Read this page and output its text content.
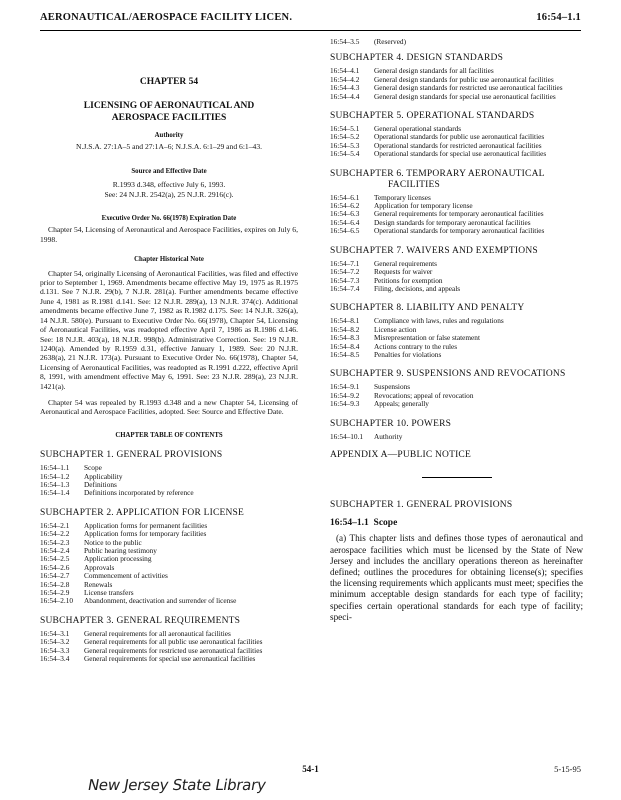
AERONAUTICAL/AEROSPACE FACILITY LICEN.	16:54–1.1
CHAPTER 54
LICENSING OF AERONAUTICAL AND
AEROSPACE FACILITIES
Authority
N.J.S.A. 27:1A–5 and 27:1A–6; N.J.S.A. 6:1–29 and 6:1–43.
Source and Effective Date
R.1993 d.348, effective July 6, 1993.
See: 24 N.J.R. 2542(a), 25 N.J.R. 2916(c).
Executive Order No. 66(1978) Expiration Date
Chapter 54, Licensing of Aeronautical and Aerospace Facilities, expires on July 6, 1998.
Chapter Historical Note
Chapter 54, originally Licensing of Aeronautical Facilities, was filed and effective prior to September 1, 1969. Amendments became effective May 19, 1975 as R.1975 d.131. See 7 N.J.R. 29(b), 7 N.J.R. 281(a). Further amendments became effective June 4, 1981 as R.1981 d.141. See: 12 N.J.R. 289(a), 13 N.J.R. 374(c). Additional amendments became effective June 7, 1982 as R.1982 d.175. See: 14 N.J.R. 326(a), 14 N.J.R. 580(e). Pursuant to Executive Order No. 66(1978), Chapter 54, Licensing of Aeronautical Facilities, was readopted effective April 7, 1986 as R.1986 d.146. See: 18 N.J.R. 403(a), 18 N.J.R. 998(b). Administrative Correction. See: 19 N.J.R. 1240(a). Amended by R.1959 d.31, effective January 1, 1989. See: 20 N.J.R. 2638(a), 21 N.J.R. 173(a). Pursuant to Executive Order No. 66(1978), Chapter 54, Licensing of Aeronautical Facilities, was readopted as R.1991 d.222, effective April 8, 1991, with amendment effective May 6, 1991. See: 23 N.J.R. 289(a), 23 N.J.R. 1421(a).
Chapter 54 was repealed by R.1993 d.348 and a new Chapter 54, Licensing of Aeronautical and Aerospace Facilities, adopted. See: Source and Effective Date.
CHAPTER TABLE OF CONTENTS
SUBCHAPTER 1. GENERAL PROVISIONS
16:54–1.1	Scope
16:54–1.2	Applicability
16:54–1.3	Definitions
16:54–1.4	Definitions incorporated by reference
SUBCHAPTER 2. APPLICATION FOR LICENSE
16:54–2.1	Application forms for permanent facilities
16:54–2.2	Application forms for temporary facilities
16:54–2.3	Notice to the public
16:54–2.4	Public hearing testimony
16:54–2.5	Application processing
16:54–2.6	Approvals
16:54–2.7	Commencement of activities
16:54–2.8	Renewals
16:54–2.9	License transfers
16:54–2.10	Abandonment, deactivation and surrender of license
SUBCHAPTER 3. GENERAL REQUIREMENTS
16:54–3.1	General requirements for all aeronautical facilities
16:54–3.2	General requirements for all public use aeronautical facilities
16:54–3.3	General requirements for restricted use aeronautical facilities
16:54–3.4	General requirements for special use aeronautical facilities
16:54–3.5	(Reserved)
SUBCHAPTER 4. DESIGN STANDARDS
16:54–4.1	General design standards for all facilities
16:54–4.2	General design standards for public use aeronautical facilities
16:54–4.3	General design standards for restricted use aeronautical facilities
16:54–4.4	General design standards for special use aeronautical facilities
SUBCHAPTER 5. OPERATIONAL STANDARDS
16:54–5.1	General operational standards
16:54–5.2	Operational standards for public use aeronautical facilities
16:54–5.3	Operational standards for restricted aeronautical facilities
16:54–5.4	Operational standards for special use aeronautical facilities
SUBCHAPTER 6. TEMPORARY AERONAUTICAL
FACILITIES
16:54–6.1	Temporary licenses
16:54–6.2	Application for temporary license
16:54–6.3	General requirements for temporary aeronautical facilities
16:54–6.4	Design standards for temporary aeronautical facilities
16:54–6.5	Operational standards for temporary aeronautical facilities
SUBCHAPTER 7. WAIVERS AND EXEMPTIONS
16:54–7.1	General requirements
16:54–7.2	Requests for waiver
16:54–7.3	Petitions for exemption
16:54–7.4	Filing, decisions, and appeals
SUBCHAPTER 8. LIABILITY AND PENALTY
16:54–8.1	Compliance with laws, rules and regulations
16:54–8.2	License action
16:54–8.3	Misrepresentation or false statement
16:54–8.4	Actions contrary to the rules
16:54–8.5	Penalties for violations
SUBCHAPTER 9. SUSPENSIONS AND REVOCATIONS
16:54–9.1	Suspensions
16:54–9.2	Revocations; appeal of revocation
16:54–9.3	Appeals; generally
SUBCHAPTER 10. POWERS
16:54–10.1	Authority
APPENDIX A—PUBLIC NOTICE
SUBCHAPTER 1. GENERAL PROVISIONS
16:54–1.1 Scope
(a) This chapter lists and defines those types of aeronautical and aerospace facilities which must be licensed by the State of New Jersey and includes the ancillary operations thereon as hereinafter defined; outlines the procedures for obtaining license(s); specifies the licensing requirements which applicants must meet; specifies the minimum acceptable design standards for each type of facility; specifies certain operational standards for each type of facility; speci-
54-1	5-15-95
New Jersey State Library
